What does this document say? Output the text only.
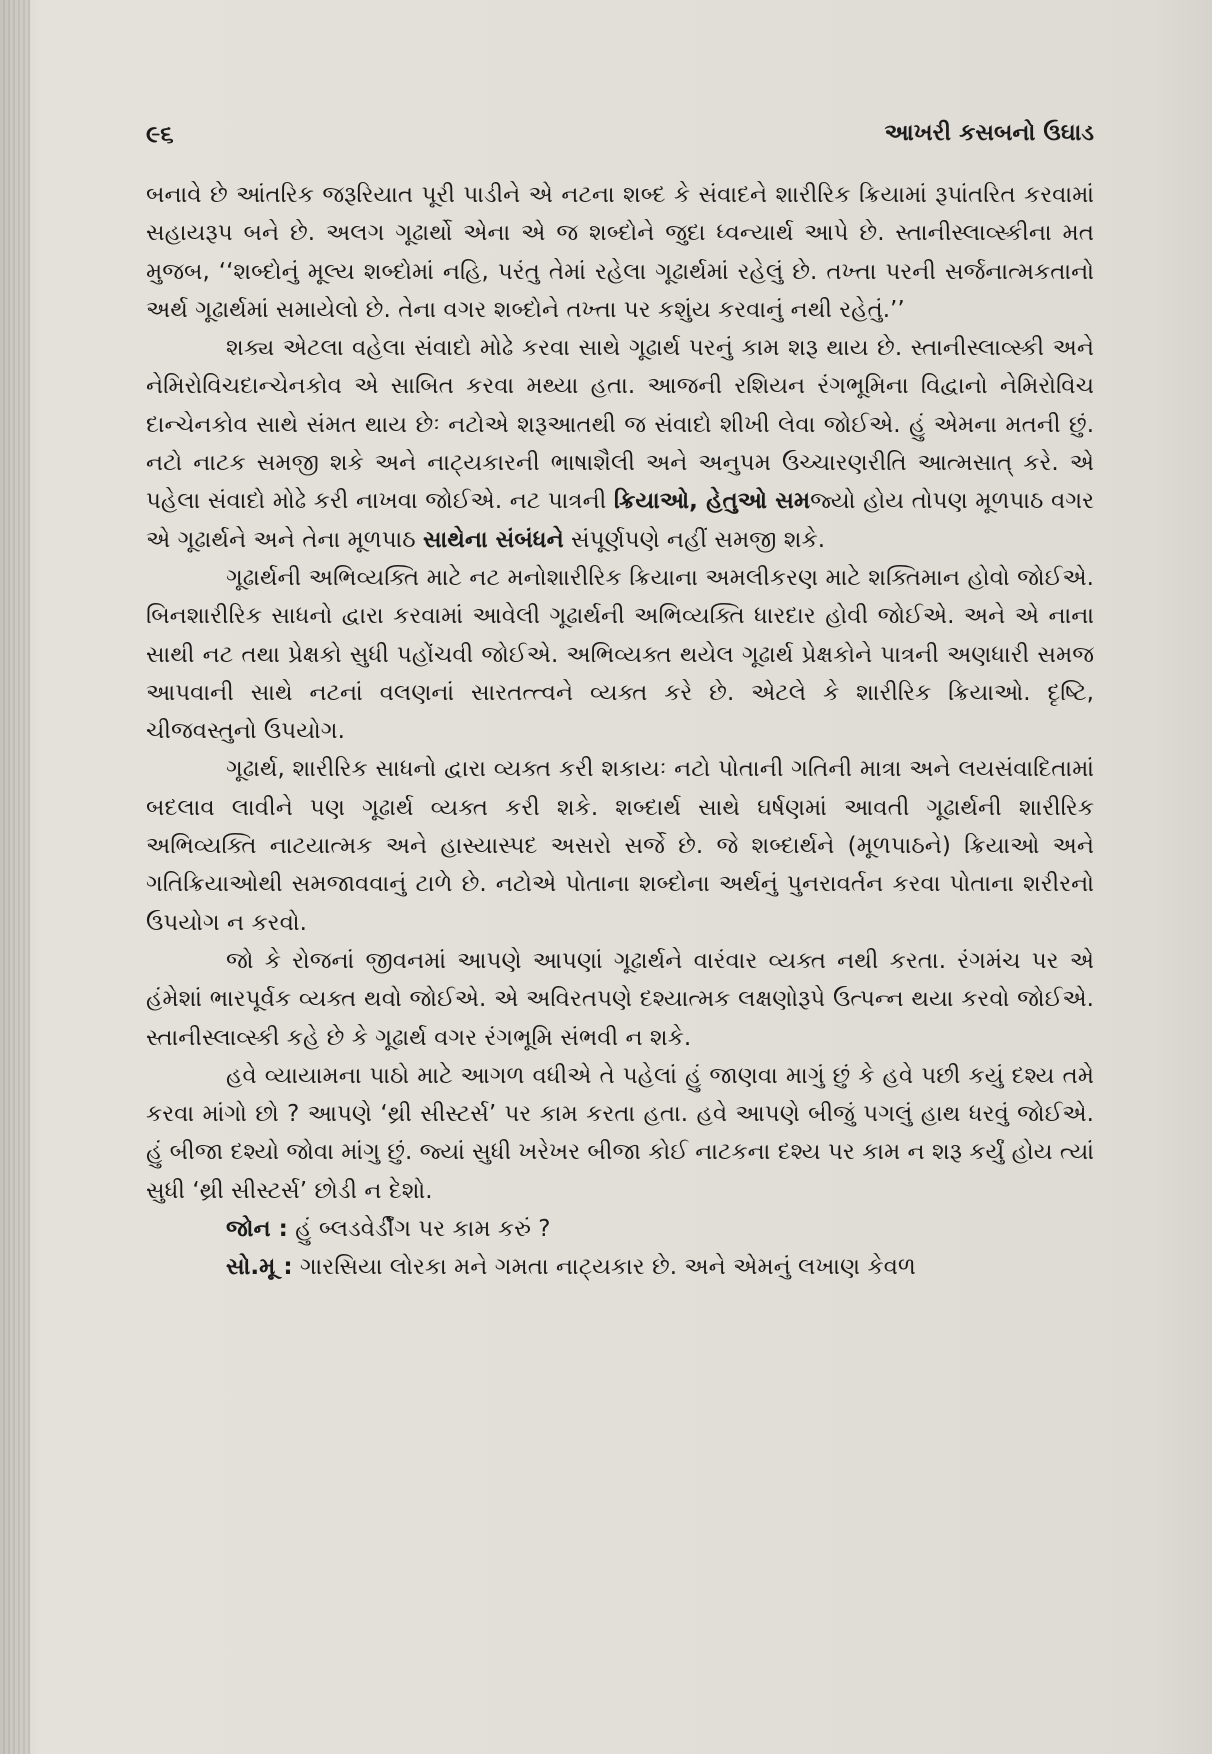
૯૬	આખરી કસબનો ઉઘાડ

બનાવે છે આંતરિક જરૂરિયાત પૂરી પાડીને એ નટના શબ્દ કે સંવાદને શારીરિક ક્રિયામાં રૂપાંતરિત કરવામાં સહાયરૂપ બને છે. અલગ ગૂઢાર્થો એના એ જ શબ્દોને જુદા ધ્વન્યાર્થ આપે છે. સ્તાનીસ્લાવ્સ્કીના મત મુજબ, ‘‘શબ્દોનું મૂલ્ય શબ્દોમાં નહિ, પરંતુ તેમાં રહેલા ગૂઢાર્થમાં રહેલું છે. તખ્તા પરની સર્જનાત્મકતાનો અર્થ ગૂઢાર્થમાં સમાયેલો છે. તેના વગર શબ્દોને તખ્તા પર કશુંય કરવાનું નથી રહેતું.’’

શક્ય એટલા વહેલા સંવાદો મોઢે કરવા સાથે ગૂઢાર્થ પરનું કામ શરૂ થાય છે. સ્તાનીસ્લાવ્સ્કી અને નેમિરોવિચદાન્ચેનકોવ એ સાબિત કરવા મથ્યા હતા. આજની રશિયન રંગભૂમિના વિદ્વાનો નેમિરોવિચ દાન્ચેનકોવ સાથે સંમત થાય છેઃ નટોએ શરૂઆતથી જ સંવાદો શીખી લેવા જોઈએ. હું એમના મતની છું. નટો નાટક સમજી શકે અને નાટ્યકારની ભાષાશૈલી અને અનુપમ ઉચ્ચારણરીતિ આત્મસાત્ કરે. એ પહેલા સંવાદો મોઢે કરી નાખવા જોઈએ. નટ પાત્રની ક્રિયાઓ, હેતુઓ સમજ્યો હોય તોપણ મૂળપાઠ વગર એ ગૂઢાર્થને અને તેના મૂળપાઠ સાથેના સંબંધને સંપૂર્ણપણે નહીં સમજી શકે.

ગૂઢાર્થની અભિવ્યક્તિ માટે નટ મનોશારીરિક ક્રિયાના અમલીકરણ માટે શક્તિમાન હોવો જોઈએ. બિનશારીરિક સાધનો દ્વારા કરવામાં આવેલી ગૂઢાર્થની અભિવ્યક્તિ ધારદાર હોવી જોઈએ. અને એ નાના સાથી નટ તથા પ્રેક્ષકો સુધી પહોંચવી જોઈએ. અભિવ્યક્ત થયેલ ગૂઢાર્થ પ્રેક્ષકોને પાત્રની અણધારી સમજ આપવાની સાથે નટનાં વલણનાં સારતત્ત્વને વ્યક્ત કરે છે. એટલે કે શારીરિક ક્રિયાઓ. દૃષ્ટિ, ચીજવસ્તુનો ઉપયોગ.

ગૂઢાર્થ, શારીરિક સાધનો દ્વારા વ્યક્ત કરી શકાયઃ નટો પોતાની ગતિની માત્રા અને લયસંવાદિતામાં બદલાવ લાવીને પણ ગૂઢાર્થ વ્યક્ત કરી શકે. શબ્દાર્થ સાથે ઘર્ષણમાં આવતી ગૂઢાર્થની શારીરિક અભિવ્યક્તિ નાટયાત્મક અને હાસ્યાસ્પદ અસરો સર્જે છે. જે શબ્દાર્થને (મૂળપાઠને) ક્રિયાઓ અને ગતિક્રિયાઓથી સમજાવવાનું ટાળે છે. નટોએ પોતાના શબ્દોના અર્થનું પુનરાવર્તન કરવા પોતાના શરીરનો ઉપયોગ ન કરવો.

જો કે રોજનાં જીવનમાં આપણે આપણાં ગૂઢાર્થને વારંવાર વ્યક્ત નથી કરતા. રંગમંચ પર એ હંમેશાં ભારપૂર્વક વ્યક્ત થવો જોઈએ. એ અવિરતપણે દશ્યાત્મક લક્ષણોરૂપે ઉત્પન્ન થયા કરવો જોઈએ. સ્તાનીસ્લાવ્સ્કી કહે છે કે ગૂઢાર્થ વગર રંગભૂમિ સંભવી ન શકે.

હવે વ્યાયામના પાઠો માટે આગળ વધીએ તે પહેલાં હું જાણવા માગું છું કે હવે પછી કયું દશ્ય તમે કરવા માંગો છો ? આપણે ‘થ્રી સીસ્ટર્સ’ પર કામ કરતા હતા. હવે આપણે બીજું પગલું હાથ ધરવું જોઈએ. હું બીજા દશ્યો જોવા માંગુ છું. જ્યાં સુધી ખરેખર બીજા કોઈ નાટકના દશ્ય પર કામ ન શરૂ કર્યું હોય ત્યાં સુધી ‘થ્રી સીસ્ટર્સ’ છોડી ન દેશો.

જોન : હું બ્લડવેર્ડીંગ પર કામ કરું ?

સો.મૂ : ગારસિયા લોરકા મને ગમતા નાટ્યકાર છે. અને એમનું લખાણ કેવળ
